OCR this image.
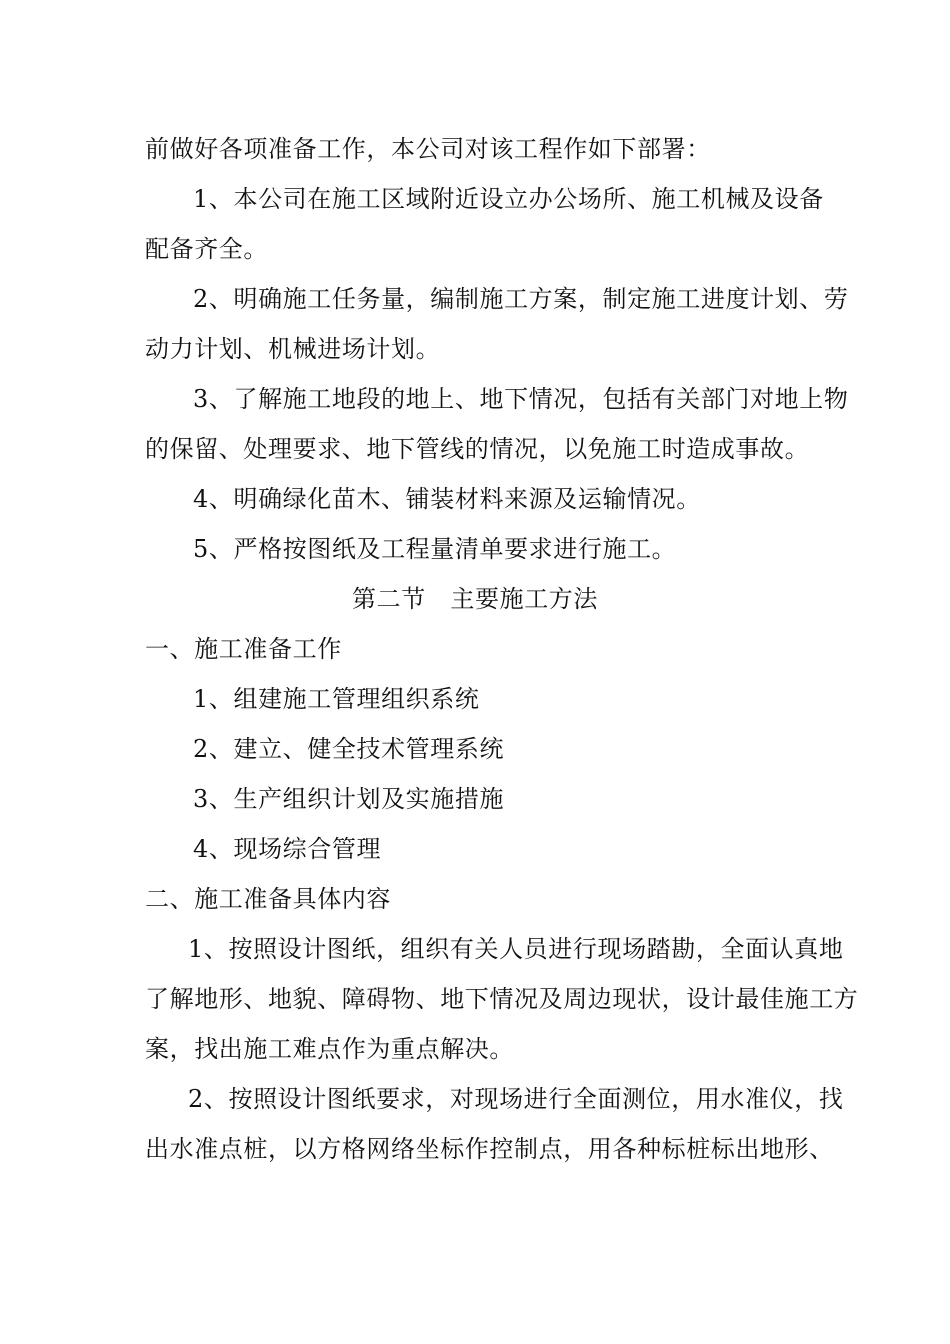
前做好各项准备工作，本公司对该工程作如下部署：
1、本公司在施工区域附近设立办公场所、施工机械及设备
配备齐全。
2、明确施工任务量，编制施工方案，制定施工进度计划、劳
动力计划、机械进场计划。
3、了解施工地段的地上、地下情况，包括有关部门对地上物
的保留、处理要求、地下管线的情况，以免施工时造成事故。
4、明确绿化苗木、铺装材料来源及运输情况。
5、严格按图纸及工程量清单要求进行施工。
第二节　主要施工方法
一、施工准备工作
1、组建施工管理组织系统
2、建立、健全技术管理系统
3、生产组织计划及实施措施
4、现场综合管理
二、施工准备具体内容
1、按照设计图纸，组织有关人员进行现场踏勘，全面认真地
了解地形、地貌、障碍物、地下情况及周边现状，设计最佳施工方
案，找出施工难点作为重点解决。
2、按照设计图纸要求，对现场进行全面测位，用水准仪，找
出水准点桩，以方格网络坐标作控制点，用各种标桩标出地形、
